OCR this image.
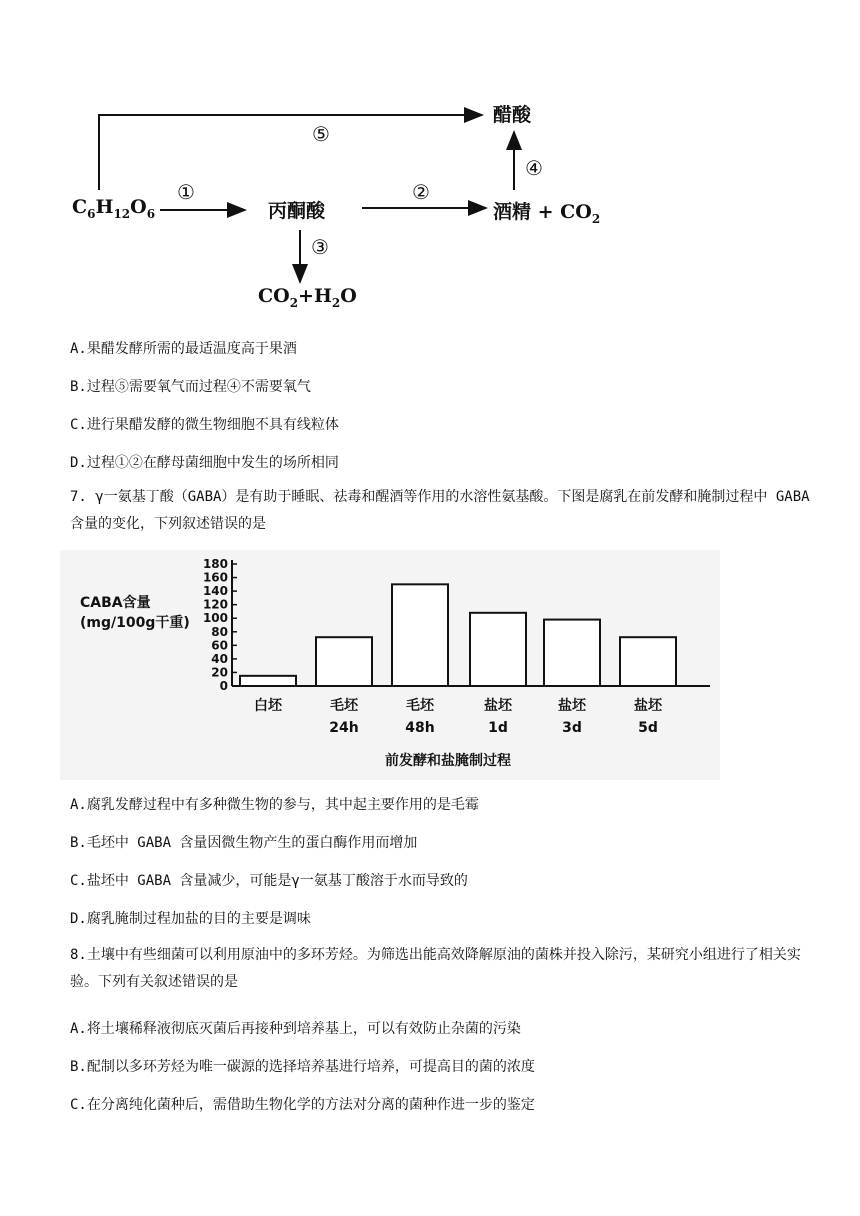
$C_6H_{12}O_6$	丙酮酸
醋酸
酒精 + $CO_2$
$CO_2+H_2O$
①	②
③
④
⑤
A.果醋发酵所需的最适温度高于果酒
B.过程⑤需要氧气而过程④不需要氧气
C.进行果醋发酵的微生物细胞不具有线粒体
D.过程①②在酵母菌细胞中发生的场所相同
7. γ一氨基丁酸（GABA）是有助于睡眠、祛毒和醒酒等作用的水溶性氨基酸。下图是腐乳在前发酵和腌制过程中 GABA 含量的变化，下列叙述错误的是
CABA含量
(mg/100g干重)
180
160
140
120
100
80
60
40
20
0
白坯	毛坯
24h
毛坯
48h
盐坯
1d
盐坯
3d
盐坯
5d
前发酵和盐腌制过程
A.腐乳发酵过程中有多种微生物的参与，其中起主要作用的是毛霉
B.毛坯中 GABA 含量因微生物产生的蛋白酶作用而增加
C.盐坯中 GABA 含量减少，可能是γ一氨基丁酸溶于水而导致的
D.腐乳腌制过程加盐的目的主要是调味
8.土壤中有些细菌可以利用原油中的多环芳烃。为筛选出能高效降解原油的菌株并投入除污，某研究小组进行了相关实验。下列有关叙述错误的是
A.将土壤稀释液彻底灭菌后再接种到培养基上，可以有效防止杂菌的污染
B.配制以多环芳烃为唯一碳源的选择培养基进行培养，可提高目的菌的浓度
C.在分离纯化菌种后，需借助生物化学的方法对分离的菌种作进一步的鉴定
